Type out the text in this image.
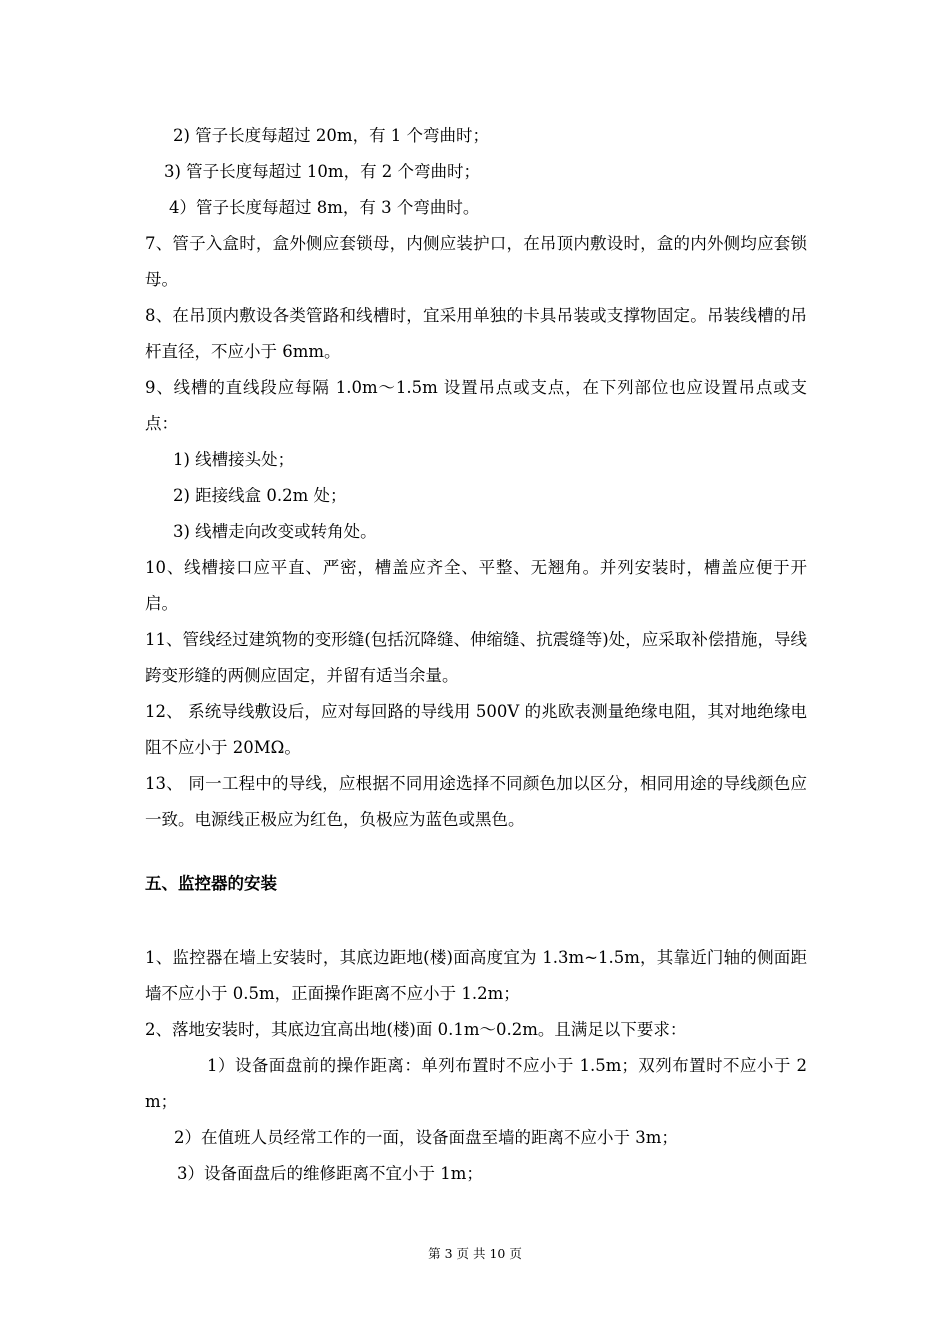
2) 管子长度每超过 20m，有 1 个弯曲时；

3) 管子长度每超过 10m，有 2 个弯曲时；

4）管子长度每超过 8m，有 3 个弯曲时。

7、管子入盒时，盒外侧应套锁母，内侧应装护口，在吊顶内敷设时，盒的内外侧均应套锁母。

8、在吊顶内敷设各类管路和线槽时，宜采用单独的卡具吊装或支撑物固定。吊装线槽的吊杆直径，不应小于 6mm。

9、线槽的直线段应每隔 1.0m～1.5m 设置吊点或支点，在下列部位也应设置吊点或支点：

1) 线槽接头处；

2) 距接线盒 0.2m 处；

3) 线槽走向改变或转角处。

10、线槽接口应平直、严密，槽盖应齐全、平整、无翘角。并列安装时，槽盖应便于开启。

11、管线经过建筑物的变形缝(包括沉降缝、伸缩缝、抗震缝等)处，应采取补偿措施，导线跨变形缝的两侧应固定，并留有适当余量。

12、 系统导线敷设后，应对每回路的导线用 500V 的兆欧表测量绝缘电阻，其对地绝缘电阻不应小于 20MΩ。

13、 同一工程中的导线，应根据不同用途选择不同颜色加以区分，相同用途的导线颜色应一致。电源线正极应为红色，负极应为蓝色或黑色。

五、监控器的安装

1、监控器在墙上安装时，其底边距地(楼)面高度宜为 1.3m~1.5m，其靠近门轴的侧面距墙不应小于 0.5m，正面操作距离不应小于 1.2m；

2、落地安装时，其底边宜高出地(楼)面 0.1m～0.2m。且满足以下要求：

1）设备面盘前的操作距离：单列布置时不应小于 1.5m；双列布置时不应小于 2m；

2）在值班人员经常工作的一面，设备面盘至墙的距离不应小于 3m；

3）设备面盘后的维修距离不宜小于 1m；

第 3 页 共 10 页
